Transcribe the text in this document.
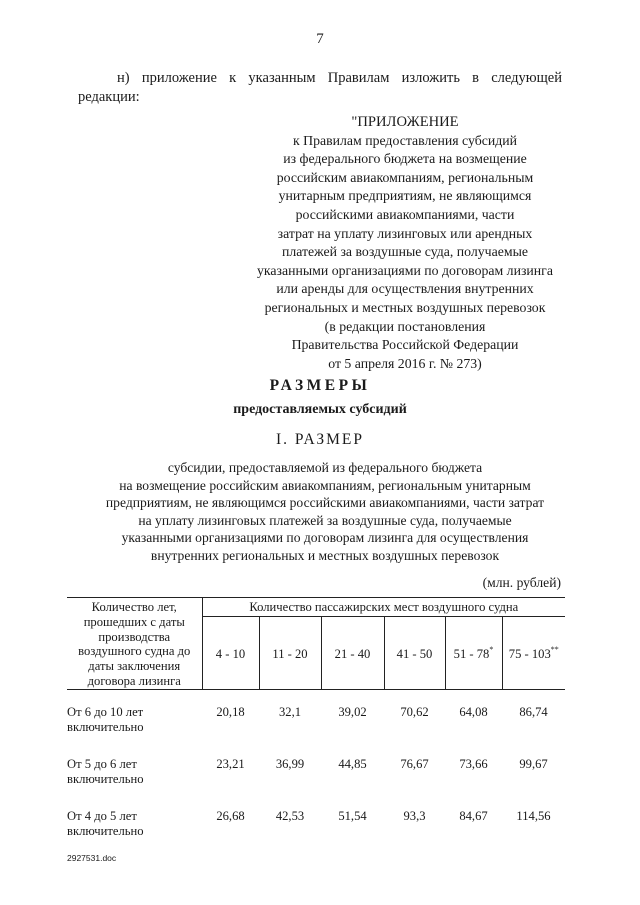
7
н) приложение к указанным Правилам изложить в следующей
редакции:
"ПРИЛОЖЕНИЕ
к Правилам предоставления субсидий
из федерального бюджета на возмещение
российским авиакомпаниям, региональным
унитарным предприятиям, не являющимся
российскими авиакомпаниями, части
затрат на уплату лизинговых или арендных
платежей за воздушные суда, получаемые
указанными организациями по договорам лизинга
или аренды для осуществления внутренних
региональных и местных воздушных перевозок
(в редакции постановления
Правительства Российской Федерации
от 5 апреля 2016 г. № 273)
РАЗМЕРЫ
предоставляемых субсидий
I. РАЗМЕР
субсидии, предоставляемой из федерального бюджета
на возмещение российским авиакомпаниям, региональным унитарным
предприятиям, не являющимся российскими авиакомпаниями, части затрат
на уплату лизинговых платежей за воздушные суда, получаемые
указанными организациями по договорам лизинга для осуществления
внутренних региональных и местных воздушных перевозок
(млн. рублей)
Количество лет, прошедших с даты производства воздушного судна до даты заключения договора лизинга	Количество пассажирских мест воздушного судна					
	4 - 10	11 - 20	21 - 40	41 - 50	51 - 78*	75 - 103**
От 6 до 10 лет включительно	20,18	32,1	39,02	70,62	64,08	86,74
От 5 до 6 лет включительно	23,21	36,99	44,85	76,67	73,66	99,67
От 4 до 5 лет включительно	26,68	42,53	51,54	93,3	84,67	114,56
2927531.doc
